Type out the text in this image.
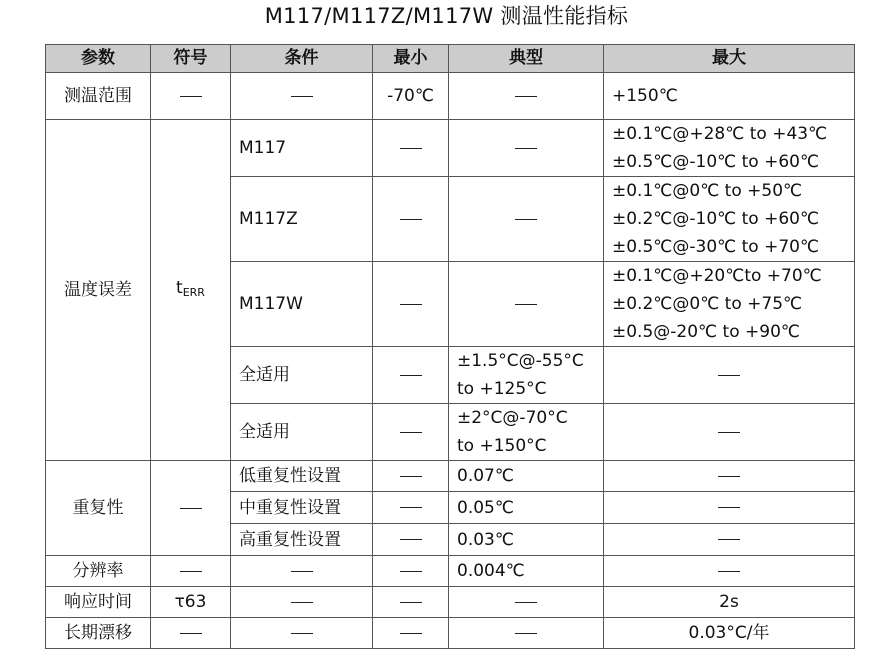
M117/M117Z/M117W 测温性能指标
参数	符号	条件	最小	典型	最大
测温范围			-70℃		+150℃
温度误差	$t_{ERR}$	M117			±0.1℃@+28℃ to +43℃
±0.5℃@-10℃ to +60℃

		M117Z			±0.1℃@0℃ to +50℃
±0.2℃@-10℃ to +60℃
±0.5℃@-30℃ to +70℃

		M117W			±0.1℃@+20℃to +70℃
±0.2℃@0℃ to +75℃
±0.5@-20℃ to +90℃

		全适用		±1.5°C@-55°C
to +125°C	

		全适用		±2°C@-70°C
to +150°C	

重复性		低重复性设置		0.07℃	
		中重复性设置		0.05℃	
		高重复性设置		0.03℃	
分辨率				0.004℃	
响应时间	τ63				2s
长期漂移					0.03°C/年
